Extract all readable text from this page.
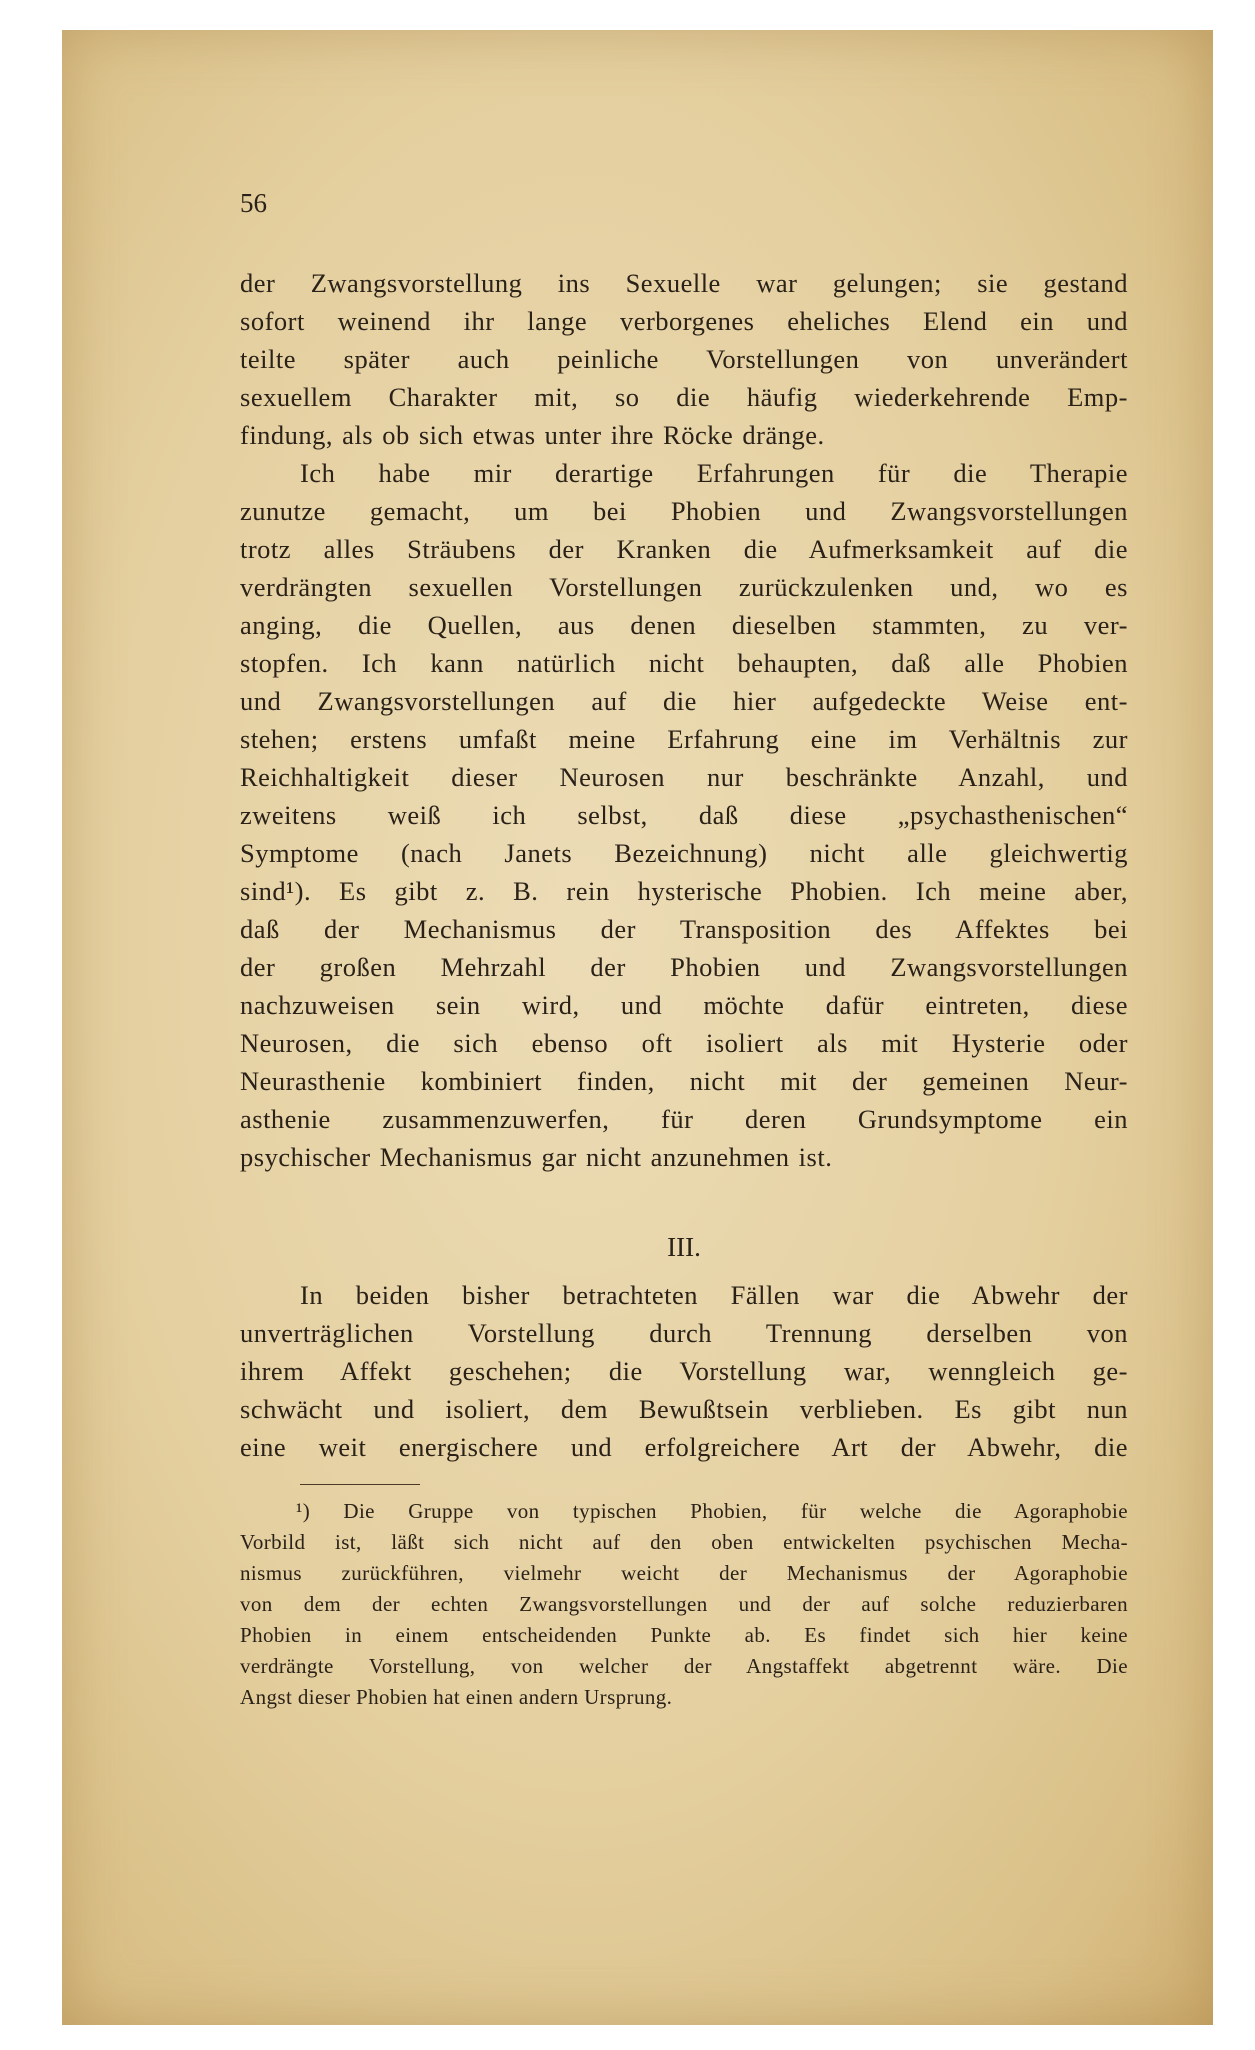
56
der Zwangsvorstellung ins Sexuelle war gelungen; sie gestand
sofort weinend ihr lange verborgenes eheliches Elend ein und
teilte später auch peinliche Vorstellungen von unverändert
sexuellem Charakter mit, so die häufig wiederkehrende Emp-
findung, als ob sich etwas unter ihre Röcke dränge.
Ich habe mir derartige Erfahrungen für die Therapie
zunutze gemacht, um bei Phobien und Zwangsvorstellungen
trotz alles Sträubens der Kranken die Aufmerksamkeit auf die
verdrängten sexuellen Vorstellungen zurückzulenken und, wo es
anging, die Quellen, aus denen dieselben stammten, zu ver-
stopfen. Ich kann natürlich nicht behaupten, daß alle Phobien
und Zwangsvorstellungen auf die hier aufgedeckte Weise ent-
stehen; erstens umfaßt meine Erfahrung eine im Verhältnis zur
Reichhaltigkeit dieser Neurosen nur beschränkte Anzahl, und
zweitens weiß ich selbst, daß diese „psychasthenischen“
Symptome (nach Janets Bezeichnung) nicht alle gleichwertig
sind¹). Es gibt z. B. rein hysterische Phobien. Ich meine aber,
daß der Mechanismus der Transposition des Affektes bei
der großen Mehrzahl der Phobien und Zwangsvorstellungen
nachzuweisen sein wird, und möchte dafür eintreten, diese
Neurosen, die sich ebenso oft isoliert als mit Hysterie oder
Neurasthenie kombiniert finden, nicht mit der gemeinen Neur-
asthenie zusammenzuwerfen, für deren Grundsymptome ein
psychischer Mechanismus gar nicht anzunehmen ist.
III.
In beiden bisher betrachteten Fällen war die Abwehr der
unverträglichen Vorstellung durch Trennung derselben von
ihrem Affekt geschehen; die Vorstellung war, wenngleich ge-
schwächt und isoliert, dem Bewußtsein verblieben. Es gibt nun
eine weit energischere und erfolgreichere Art der Abwehr, die
¹) Die Gruppe von typischen Phobien, für welche die Agoraphobie
Vorbild ist, läßt sich nicht auf den oben entwickelten psychischen Mecha-
nismus zurückführen, vielmehr weicht der Mechanismus der Agoraphobie
von dem der echten Zwangsvorstellungen und der auf solche reduzierbaren
Phobien in einem entscheidenden Punkte ab. Es findet sich hier keine
verdrängte Vorstellung, von welcher der Angstaffekt abgetrennt wäre. Die
Angst dieser Phobien hat einen andern Ursprung.
